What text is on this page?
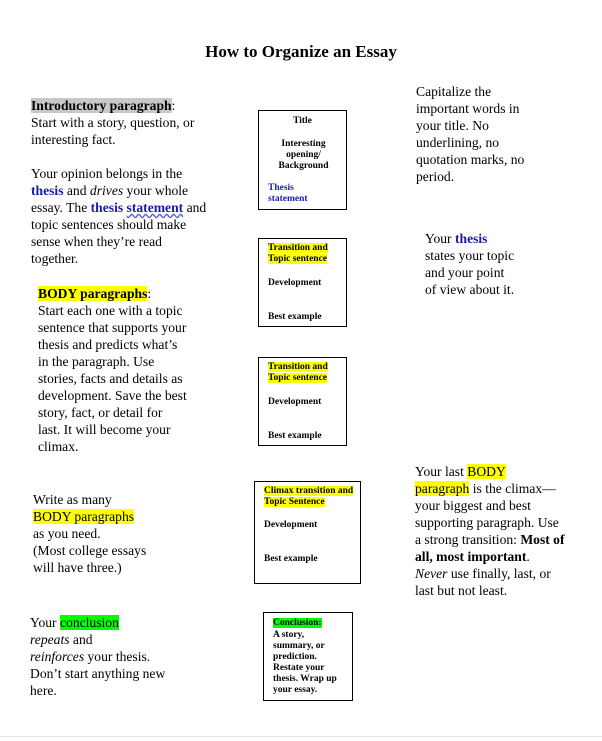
How to Organize an Essay

Introductory paragraph:

Start with a story, question, or interesting fact.

Your opinion belongs in the thesis and drives your whole essay. The thesis statement and topic sentences should make sense when they’re read together.

BODY paragraphs:

Start each one with a topic sentence that supports your thesis and predicts what’s in the paragraph. Use stories, facts and details as development. Save the best story, fact, or detail for last. It will become your climax.

Write as many

BODY paragraphs

as you need.

(Most college essays will have three.)

Your conclusion

repeats and

reinforces your thesis. Don’t start anything new here.

Title
Interesting opening/ Background
Thesis statement
Transition and Topic sentence
Development
Best example
Transition and Topic sentence
Development
Best example
Climax transition and Topic Sentence
Development
Best example
Conclusion:
A story, summary, or prediction. Restate your thesis. Wrap up your essay.
Capitalize the important words in your title. No underlining, no quotation marks, no period.

Your thesis states your topic and your point of view about it.

Your last BODY
paragraph is the climax—your biggest and best supporting paragraph. Use a strong transition: Most of all, most important. Never use finally, last, or last but not least.
